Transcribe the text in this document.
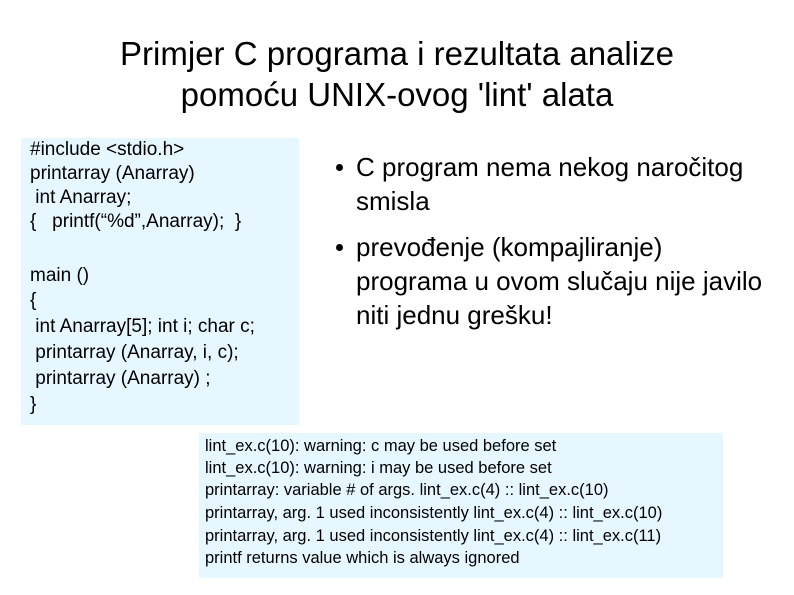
Primjer C programa i rezultata analize
pomoću UNIX-ovog 'lint' alata
#include <stdio.h>
printarray (Anarray)
int Anarray;
{   printf(“%d”,Anarray);  }
main ()
{
int Anarray[5]; int i; char c;
printarray (Anarray, i, c);
printarray (Anarray) ;
}
C program nema nekog naročitog smisla
prevođenje (kompajliranje) programa u ovom slučaju nije javilo niti jednu grešku!
lint_ex.c(10): warning: c may be used before set
lint_ex.c(10): warning: i may be used before set
printarray: variable # of args. lint_ex.c(4) :: lint_ex.c(10)
printarray, arg. 1 used inconsistently lint_ex.c(4) :: lint_ex.c(10)
printarray, arg. 1 used inconsistently lint_ex.c(4) :: lint_ex.c(11)
printf returns value which is always ignored
